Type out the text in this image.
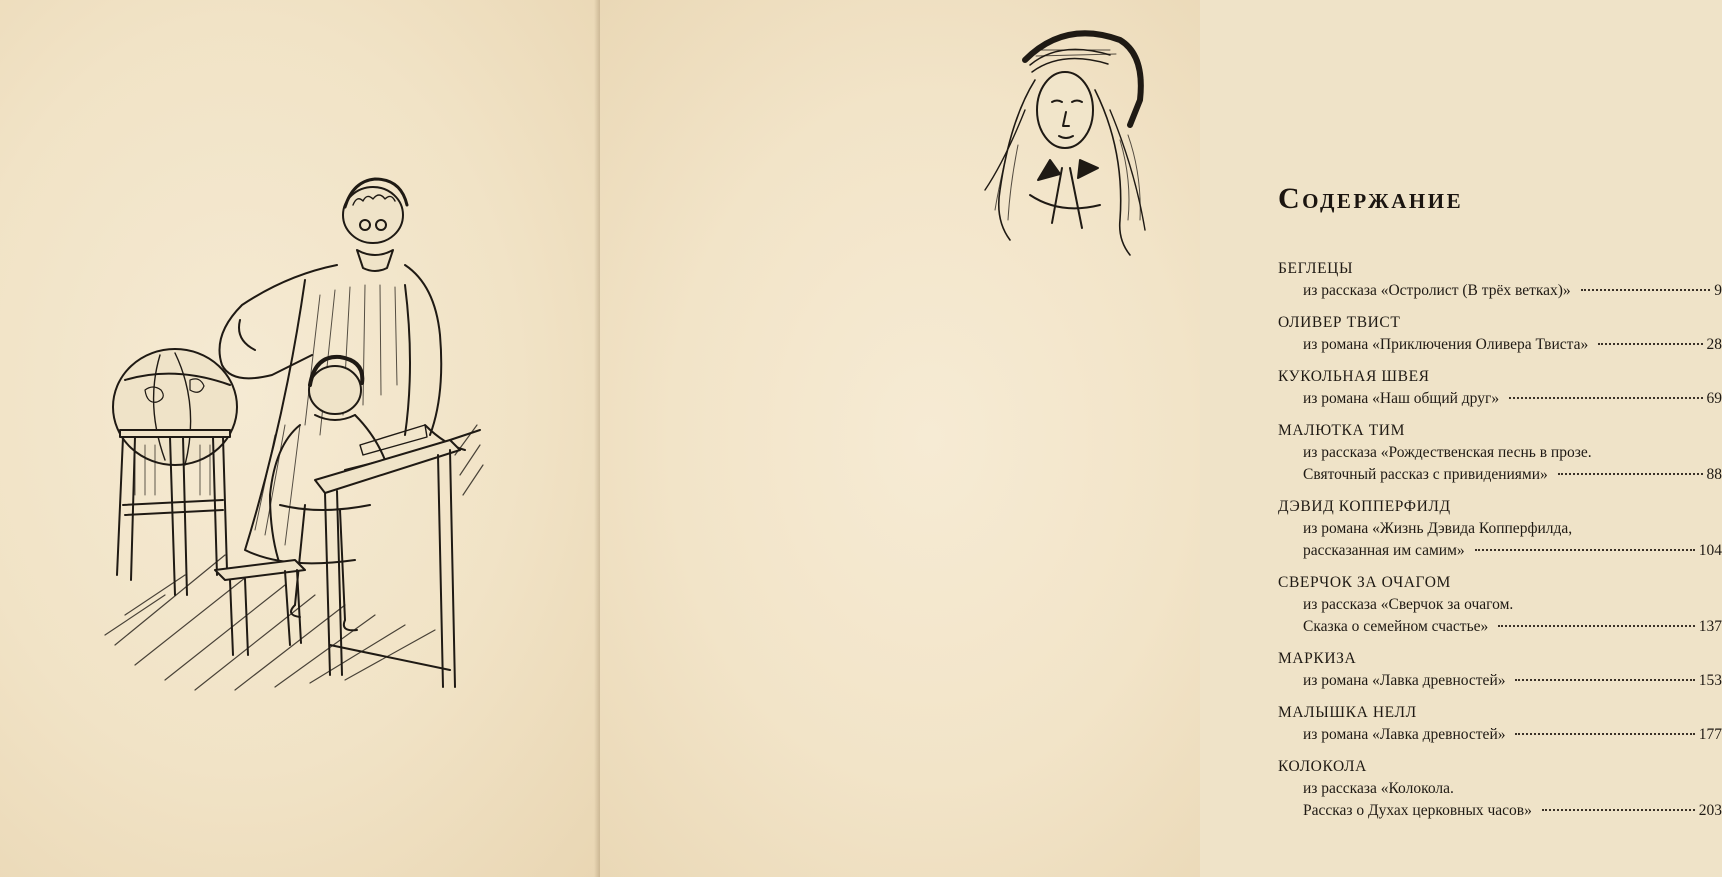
Содержание
БЕГЛЕЦЫ
из рассказа «Остролист (В трёх ветках)»	9
ОЛИВЕР ТВИСТ
из романа «Приключения Оливера Твиста»	28
КУКОЛЬНАЯ ШВЕЯ
из романа «Наш общий друг»	69
МАЛЮТКА ТИМ
из рассказа «Рождественская песнь в прозе.
Святочный рассказ с привидениями»	88
ДЭВИД КОППЕРФИЛД
из романа «Жизнь Дэвида Копперфилда,
рассказанная им самим»	104
СВЕРЧОК ЗА ОЧАГОМ
из рассказа «Сверчок за очагом.
Сказка о семейном счастье»	137
МАРКИЗА
из романа «Лавка древностей»	153
МАЛЫШКА НЕЛЛ
из романа «Лавка древностей»	177
КОЛОКОЛА
из рассказа «Колокола.
Рассказ о Духах церковных часов»	203
